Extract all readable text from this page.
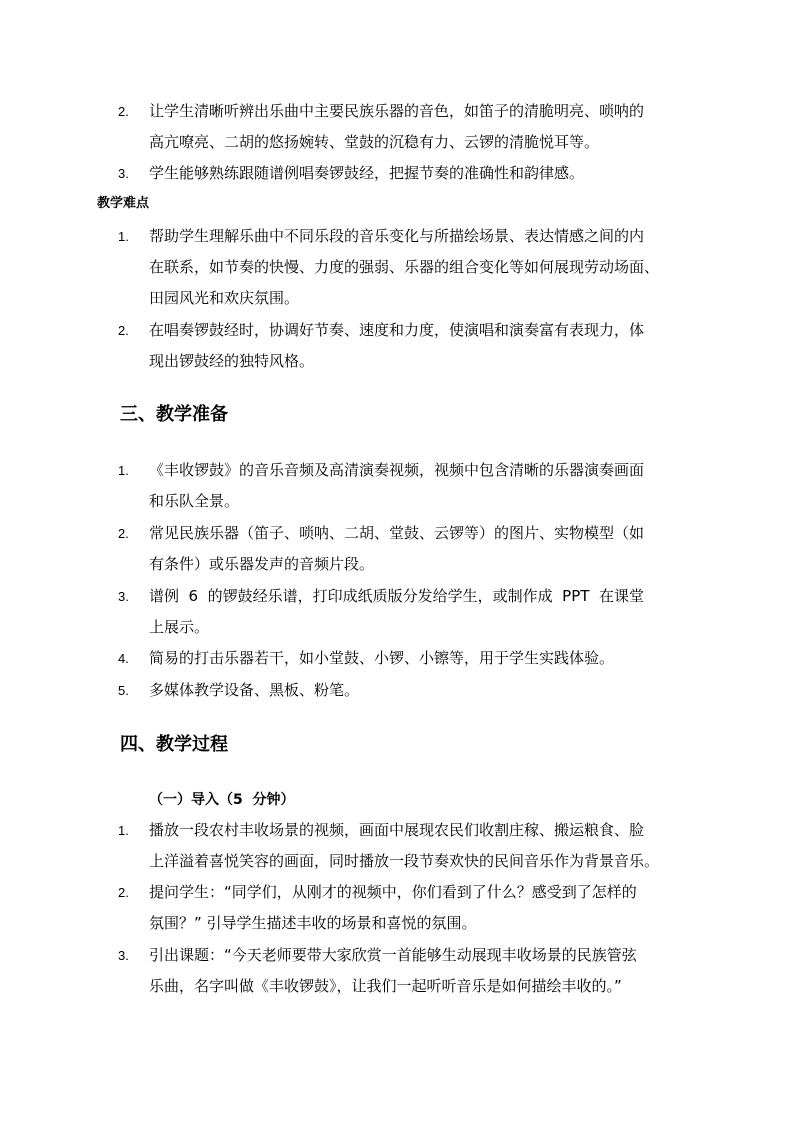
2.	让学生清晰听辨出乐曲中主要民族乐器的音色，如笛子的清脆明亮、唢呐的
高亢嘹亮、二胡的悠扬婉转、堂鼓的沉稳有力、云锣的清脆悦耳等。
3.	学生能够熟练跟随谱例唱奏锣鼓经，把握节奏的准确性和韵律感。
教学难点
1.	帮助学生理解乐曲中不同乐段的音乐变化与所描绘场景、表达情感之间的内
在联系，如节奏的快慢、力度的强弱、乐器的组合变化等如何展现劳动场面、
田园风光和欢庆氛围。
2.	在唱奏锣鼓经时，协调好节奏、速度和力度，使演唱和演奏富有表现力，体
现出锣鼓经的独特风格。
三、教学准备
1.	《丰收锣鼓》的音乐音频及高清演奏视频，视频中包含清晰的乐器演奏画面
和乐队全景。
2.	常见民族乐器（笛子、唢呐、二胡、堂鼓、云锣等）的图片、实物模型（如
有条件）或乐器发声的音频片段。
3.	谱例  6  的锣鼓经乐谱，打印成纸质版分发给学生，或制作成  PPT  在课堂
上展示。
4.	简易的打击乐器若干，如小堂鼓、小锣、小镲等，用于学生实践体验。
5.	多媒体教学设备、黑板、粉笔。
四、教学过程
（一）导入（5  分钟）
1.	播放一段农村丰收场景的视频，画面中展现农民们收割庄稼、搬运粮食、脸
上洋溢着喜悦笑容的画面，同时播放一段节奏欢快的民间音乐作为背景音乐。
2.	提问学生：“同学们，从刚才的视频中，你们看到了什么？感受到了怎样的
氛围？” 引导学生描述丰收的场景和喜悦的氛围。
3.	引出课题：“今天老师要带大家欣赏一首能够生动展现丰收场景的民族管弦
乐曲，名字叫做《丰收锣鼓》，让我们一起听听音乐是如何描绘丰收的。”
